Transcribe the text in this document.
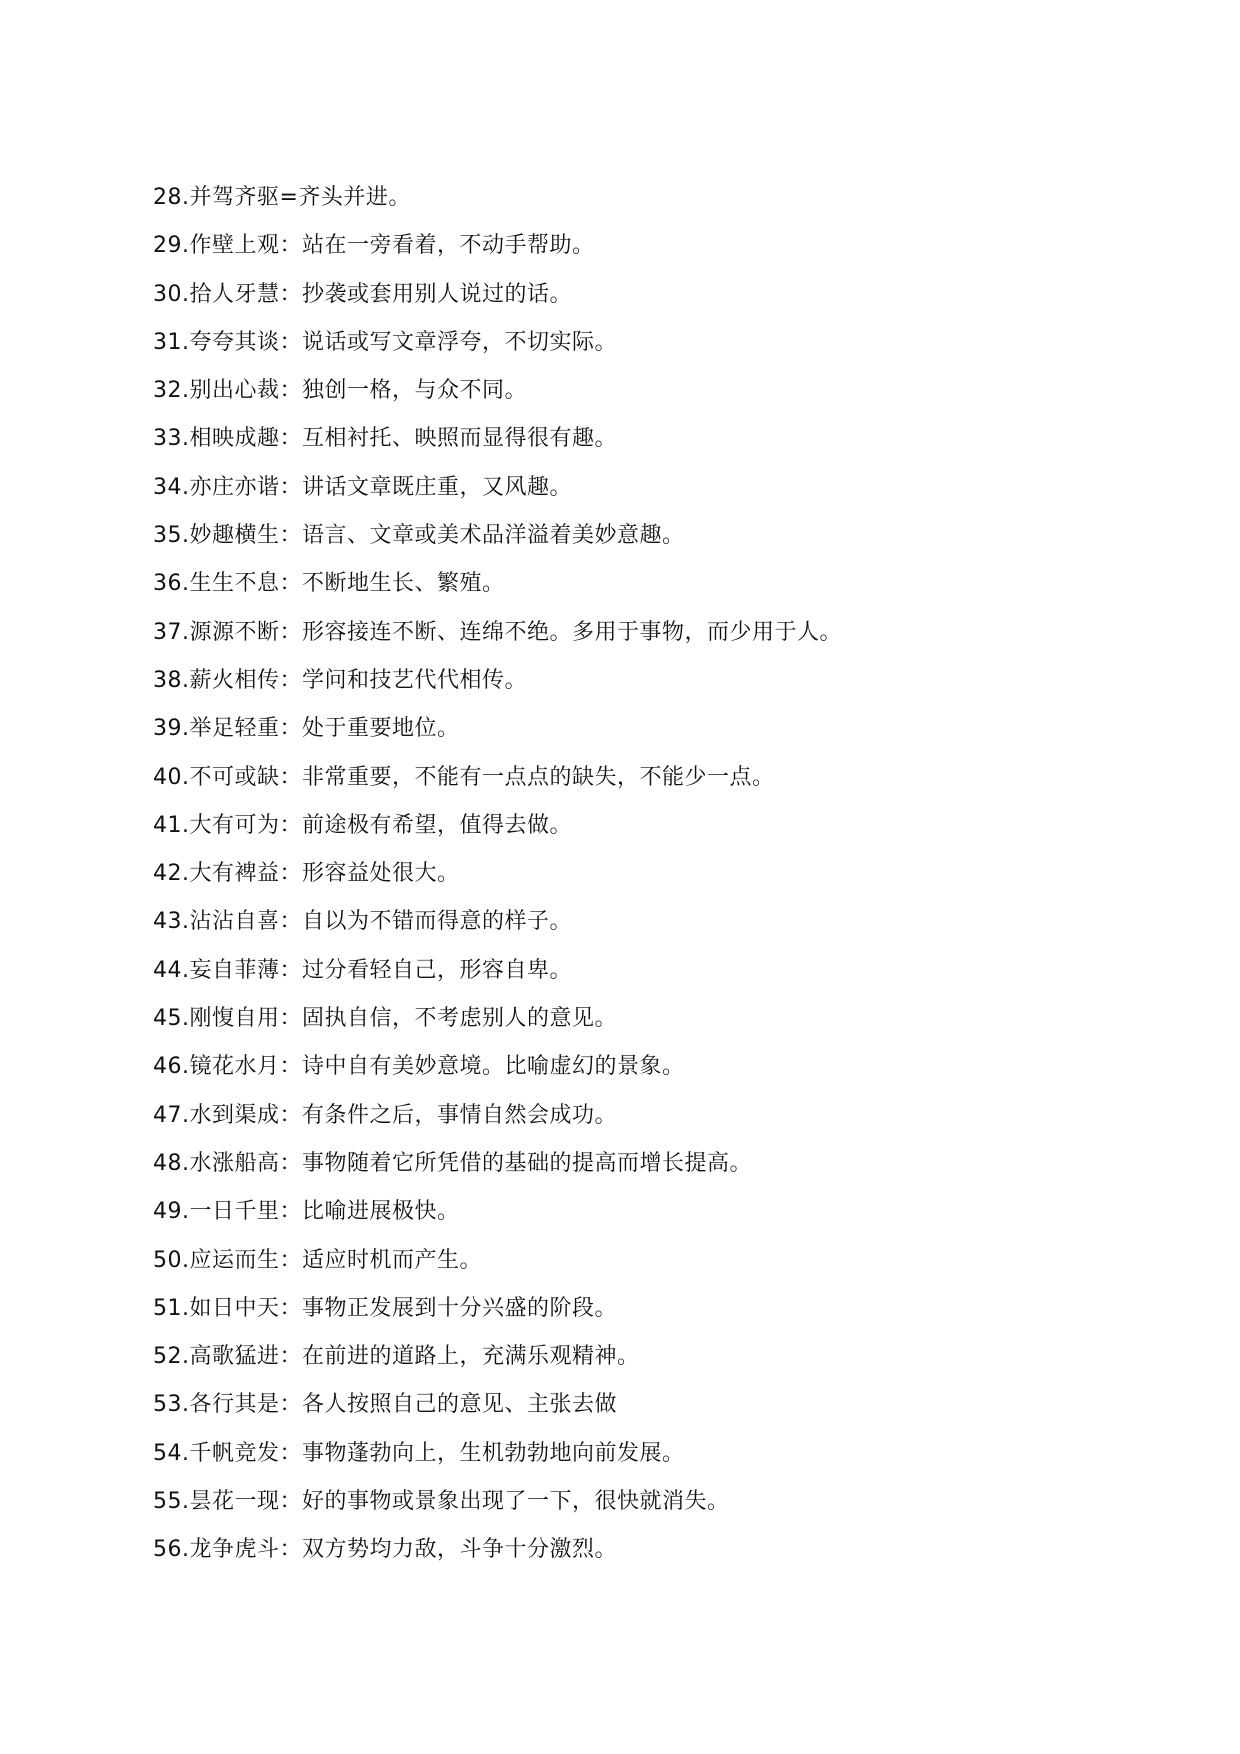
28.并驾齐驱=齐头并进。
29.作壁上观：站在一旁看着，不动手帮助。
30.拾人牙慧：抄袭或套用别人说过的话。
31.夸夸其谈：说话或写文章浮夸，不切实际。
32.别出心裁：独创一格，与众不同。
33.相映成趣：互相衬托、映照而显得很有趣。
34.亦庄亦谐：讲话文章既庄重，又风趣。
35.妙趣横生：语言、文章或美术品洋溢着美妙意趣。
36.生生不息：不断地生长、繁殖。
37.源源不断：形容接连不断、连绵不绝。多用于事物，而少用于人。
38.薪火相传：学问和技艺代代相传。
39.举足轻重：处于重要地位。
40.不可或缺：非常重要，不能有一点点的缺失，不能少一点。
41.大有可为：前途极有希望，值得去做。
42.大有裨益：形容益处很大。
43.沾沾自喜：自以为不错而得意的样子。
44.妄自菲薄：过分看轻自己，形容自卑。
45.刚愎自用：固执自信，不考虑别人的意见。
46.镜花水月：诗中自有美妙意境。比喻虚幻的景象。
47.水到渠成：有条件之后，事情自然会成功。
48.水涨船高：事物随着它所凭借的基础的提高而增长提高。
49.一日千里：比喻进展极快。
50.应运而生：适应时机而产生。
51.如日中天：事物正发展到十分兴盛的阶段。
52.高歌猛进：在前进的道路上，充满乐观精神。
53.各行其是：各人按照自己的意见、主张去做
54.千帆竞发：事物蓬勃向上，生机勃勃地向前发展。
55.昙花一现：好的事物或景象出现了一下，很快就消失。
56.龙争虎斗：双方势均力敌，斗争十分激烈。
